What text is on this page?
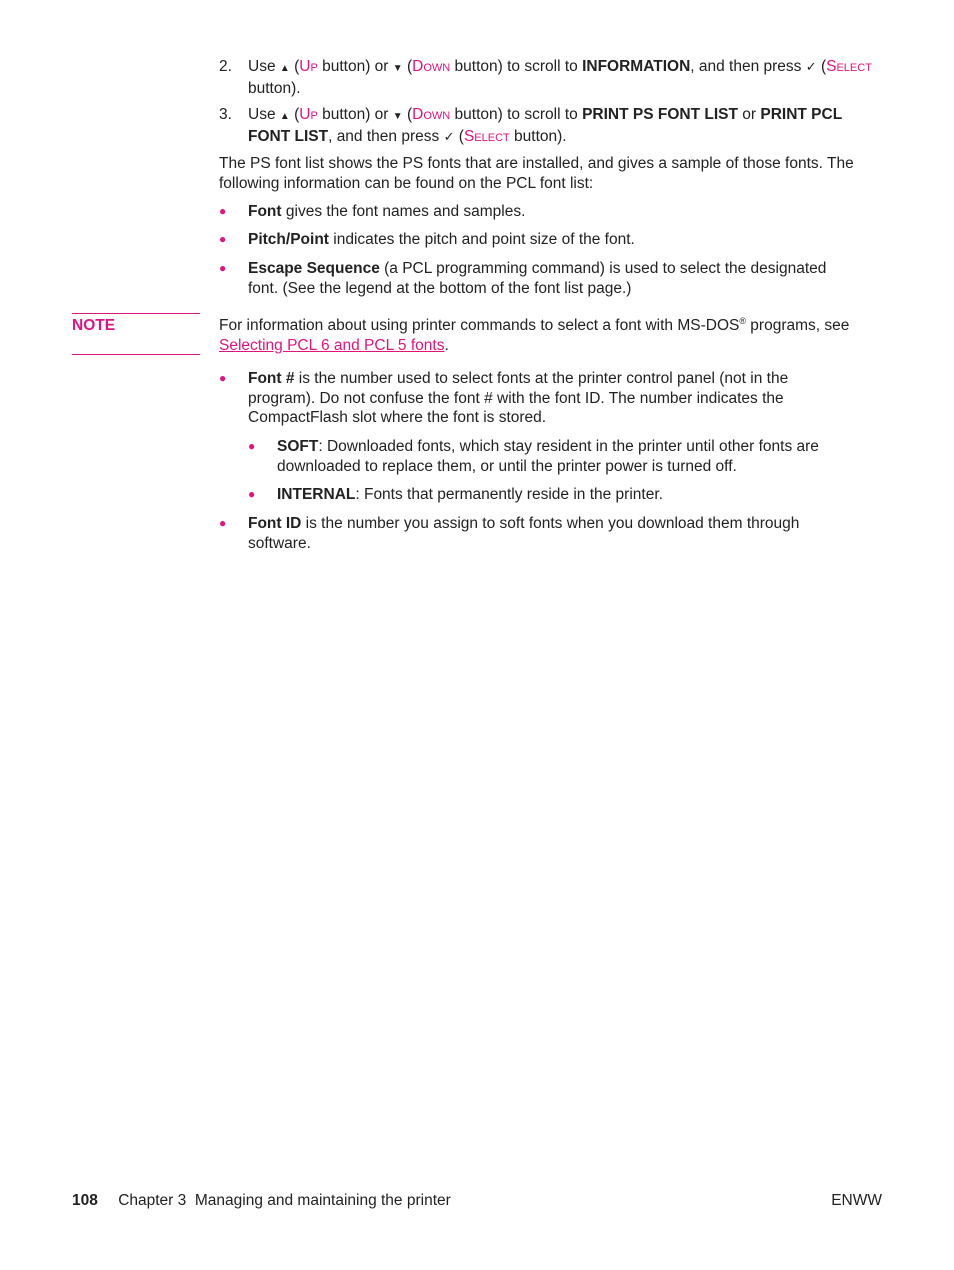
2. Use ▲ (Up button) or ▼ (Down button) to scroll to INFORMATION, and then press ✓ (Select button).
3. Use ▲ (Up button) or ▼ (Down button) to scroll to PRINT PS FONT LIST or PRINT PCL FONT LIST, and then press ✓ (Select button).

The PS font list shows the PS fonts that are installed, and gives a sample of those fonts. The following information can be found on the PCL font list:

● Font gives the font names and samples.
● Pitch/Point indicates the pitch and point size of the font.
● Escape Sequence (a PCL programming command) is used to select the designated font. (See the legend at the bottom of the font list page.)
NOTE	For information about using printer commands to select a font with MS-DOS® programs, see Selecting PCL 6 and PCL 5 fonts.

● Font # is the number used to select fonts at the printer control panel (not in the program). Do not confuse the font # with the font ID. The number indicates the CompactFlash slot where the font is stored.
● SOFT: Downloaded fonts, which stay resident in the printer until other fonts are downloaded to replace them, or until the printer power is turned off.
● INTERNAL: Fonts that permanently reside in the printer.
● Font ID is the number you assign to soft fonts when you download them through software.
108 Chapter 3  Managing and maintaining the printer	ENWW
